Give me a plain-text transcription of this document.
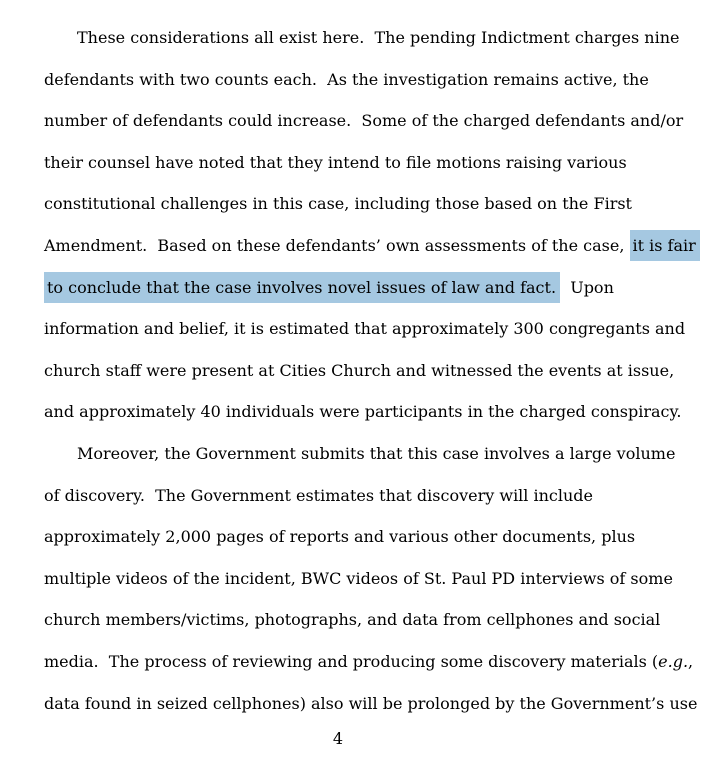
These considerations all exist here.  The pending Indictment charges nine
defendants with two counts each.  As the investigation remains active, the
number of defendants could increase.  Some of the charged defendants and/or
their counsel have noted that they intend to file motions raising various
constitutional challenges in this case, including those based on the First
Amendment.  Based on these defendants’ own assessments of the case, it is fair
to conclude that the case involves novel issues of law and fact.  Upon
information and belief, it is estimated that approximately 300 congregants and
church staff were present at Cities Church and witnessed the events at issue,
and approximately 40 individuals were participants in the charged conspiracy.
Moreover, the Government submits that this case involves a large volume
of discovery.  The Government estimates that discovery will include
approximately 2,000 pages of reports and various other documents, plus
multiple videos of the incident, BWC videos of St. Paul PD interviews of some
church members/victims, photographs, and data from cellphones and social
media.  The process of reviewing and producing some discovery materials (e.g.,
data found in seized cellphones) also will be prolonged by the Government’s use
4
